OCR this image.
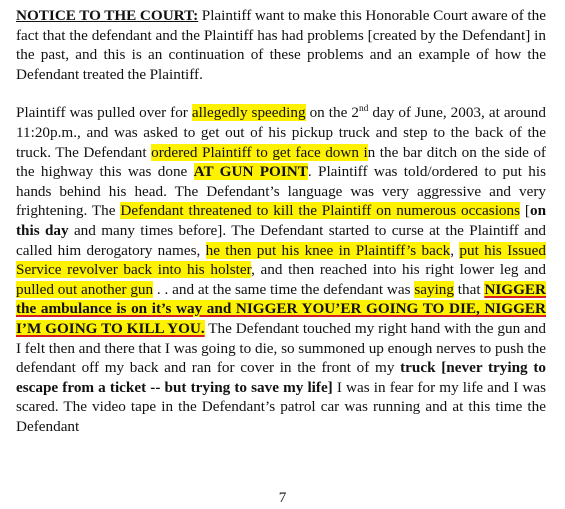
NOTICE TO THE COURT: Plaintiff want to make this Honorable Court aware of the fact that the defendant and the Plaintiff has had problems [created by the Defendant] in the past, and this is an continuation of these problems and an example of how the Defendant treated the Plaintiff.

Plaintiff was pulled over for allegedly speeding on the 2nd day of June, 2003, at around 11:20p.m., and was asked to get out of his pickup truck and step to the back of the truck. The Defendant ordered Plaintiff to get face down in the bar ditch on the side of the highway this was done AT GUN POINT. Plaintiff was told/ordered to put his hands behind his head. The Defendant’s language was very aggressive and very frightening. The Defendant threatened to kill the Plaintiff on numerous occasions [on this day and many times before]. The Defendant started to curse at the Plaintiff and called him derogatory names, he then put his knee in Plaintiff’s back, put his Issued Service revolver back into his holster, and then reached into his right lower leg and pulled out another gun . . and at the same time the defendant was saying that NIGGER the ambulance is on it’s way and NIGGER YOU’ER GOING TO DIE, NIGGER I’M GOING TO KILL YOU. The Defendant touched my right hand with the gun and I felt then and there that I was going to die, so summoned up enough nerves to push the defendant off my back and ran for cover in the front of my truck [never trying to escape from a ticket -- but trying to save my life] I was in fear for my life and I was scared. The video tape in the Defendant’s patrol car was running and at this time the Defendant

7
